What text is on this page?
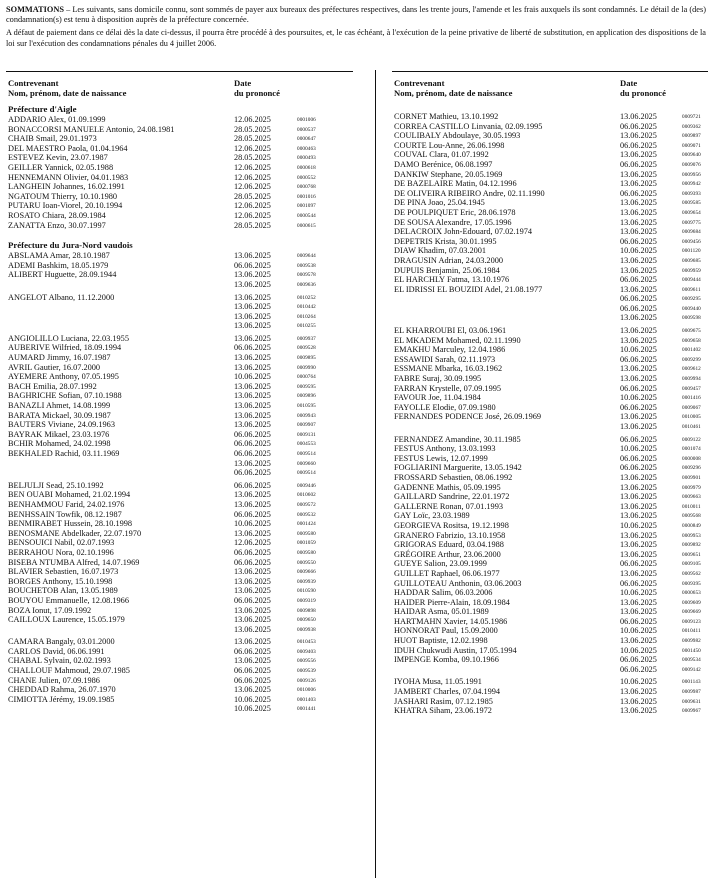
SOMMATIONS – Les suivants, sans domicile connu, sont sommés de payer aux bureaux des préfectures respectives, dans les trente jours, l'amende et les frais auxquels ils sont condamnés. Le détail de la (des) condamnation(s) est tenu à disposition auprès de la préfecture concernée.

A défaut de paiement dans ce délai dès la date ci-dessus, il pourra être procédé à des poursuites, et, le cas échéant, à l'exécution de la peine privative de liberté de substitution, en application des dispositions de la loi sur l'exécution des condamnations pénales du 4 juillet 2006.

Contrevenant
Nom, prénom, date de naissance
Date
du prononcé
Préfecture d'Aigle
ADDARIO Alex, 01.09.1999	12.06.2025	0001006
BONACCORSI MANUELE Antonio, 24.08.1981	28.05.2025	0000537
CHAIB Smail, 29.01.1973	28.05.2025	0000647
DEL MAESTRO Paola, 01.04.1964	12.06.2025	0000463
ESTEVEZ Kevin, 23.07.1987	28.05.2025	0000493
GEILLER Yannick, 02.05.1988	12.06.2025	0000618
HENNEMANN Olivier, 04.01.1983	12.06.2025	0000552
LANGHEIN Johannes, 16.02.1991	12.06.2025	0000768
NGATOUM Thierry, 10.10.1980	28.05.2025	0001016
PUTARU Ioan-Viorel, 20.10.1994	12.06.2025	0001097
ROSATO Chiara, 28.09.1984	12.06.2025	0000544
ZANATTA Enzo, 30.07.1997	28.05.2025	0000615
Préfecture du Jura-Nord vaudois
ABSLAMA Amar, 28.10.1987	13.06.2025	0009644
ADEMI Bashkim, 18.05.1979	06.06.2025	0009538
ALIBERT Huguette, 28.09.1944	13.06.2025	0009578
13.06.2025	0009636
ANGELOT Albano, 11.12.2000	13.06.2025	0010252
13.06.2025	0010442
13.06.2025	0010264
13.06.2025	0010255
ANGIOLILLO Luciana, 22.03.1955	13.06.2025	0009937
AUBERIVE Wilfried, 18.09.1994	06.06.2025	0009528
AUMARD Jimmy, 16.07.1987	13.06.2025	0009895
AVRIL Gautier, 16.07.2000	13.06.2025	0009990
AYEMERE Anthony, 07.05.1995	10.06.2025	0000764
BACH Emilia, 28.07.1992	13.06.2025	0009595
BAGHRICHE Sofian, 07.10.1988	13.06.2025	0009896
BANAZLI Ahmet, 14.08.1999	13.06.2025	0010595
BARATA Mickael, 30.09.1987	13.06.2025	0009943
BAUTERS Viviane, 24.09.1963	13.06.2025	0009907
BAYRAK Mikael, 23.03.1976	06.06.2025	0009131
BCHIR Mohamed, 24.02.1998	06.06.2025	0004553
BEKHALED Rachid, 03.11.1969	06.06.2025	0009514
13.06.2025	0009660
06.06.2025	0009514
BELJULJI Sead, 25.10.1992	06.06.2025	0009446
BEN OUABI Mohamed, 21.02.1994	13.06.2025	0010602
BENHAMMOU Farid, 24.02.1976	13.06.2025	0009572
BENHSSAIN Towfik, 08.12.1987	06.06.2025	0009532
BENMIRABET Hussein, 28.10.1998	10.06.2025	0001424
BENOSMANE Abdelkader, 22.07.1970	13.06.2025	0009580
BENSOUICI Nabil, 02.07.1993	12.06.2025	0001059
BERRAHOU Nora, 02.10.1996	06.06.2025	0009580
BISEBA NTUMBA Alfred, 14.07.1969	06.06.2025	0009550
BLAVIER Sebastien, 16.07.1973	13.06.2025	0009666
BORGES Anthony, 15.10.1998	13.06.2025	0009939
BOUCHETOB Alan, 13.05.1989	13.06.2025	0010590
BOUYOU Emmanuelle, 12.08.1966	06.06.2025	0009319
BOZA Ionut, 17.09.1992	13.06.2025	0009898
CAILLOUX Laurence, 15.05.1979	13.06.2025	0009650
13.06.2025	0009938
CAMARA Bangaly, 03.01.2000	13.06.2025	0010453
CARLOS David, 06.06.1991	06.06.2025	0009403
CHABAL Sylvain, 02.02.1993	13.06.2025	0009556
CHALLOUF Mahmoud, 29.07.1985	06.06.2025	0009539
CHANE Julien, 07.09.1986	06.06.2025	0009126
CHEDDAD Rahma, 26.07.1970	13.06.2025	0010006
CIMIOTTA Jérémy, 19.09.1985	10.06.2025	0001403
10.06.2025	0001441
Contrevenant
Nom, prénom, date de naissance
Date
du prononcé
CORNET Mathieu, 13.10.1992	13.06.2025	0009721
CORREA CASTILLO Linvania, 02.09.1995	06.06.2025	0009362
COULIBALY Abdoulaye, 30.05.1993	13.06.2025	0009897
COURTE Lou-Anne, 26.06.1998	06.06.2025	0009071
COUVAL Clara, 01.07.1992	13.06.2025	0009640
DAMO Berénice, 06.08.1997	06.06.2025	0009076
DANKIW Stephane, 20.05.1969	13.06.2025	0009956
DE BAZELAIRE Matin, 04.12.1996	13.06.2025	0009942
DE OLIVEIRA RIBEIRO Andre, 02.11.1990	06.06.2025	0009393
DE PINA Joao, 25.04.1945	13.06.2025	0009585
DE POULPIQUET Eric, 28.06.1978	13.06.2025	0009654
DE SOUSA Alexandre, 17.05.1996	13.06.2025	0009775
DELACROIX John-Edouard, 07.02.1974	13.06.2025	0009684
DEPETRIS Krista, 30.01.1995	06.06.2025	0009456
DIAW Khadim, 07.03.2001	10.06.2025	0001120
DRAGUSIN Adrian, 24.03.2000	13.06.2025	0009685
DUPUIS Benjamin, 25.06.1984	13.06.2025	0009959
EL HARCHLY Fatma, 13.10.1976	06.06.2025	0009444
EL IDRISSI EL BOUZIDI Adel, 21.08.1977	13.06.2025	0009611
06.06.2025	0009295
06.06.2025	0009440
13.06.2025	0009598
EL KHARROUBI El, 03.06.1961	13.06.2025	0009675
EL MKADEM Mohamed, 02.11.1990	13.06.2025	0009658
EMAKHU Marculey, 12.04.1986	10.06.2025	0001402
ESSAWIDI Sarah, 02.11.1973	06.06.2025	0009299
ESSMANE Mbarka, 16.03.1962	13.06.2025	0009612
FABRE Suraj, 30.09.1995	13.06.2025	0009994
FARRAN Krystelle, 07.09.1995	06.06.2025	0009457
FAVOUR Joe, 11.04.1984	10.06.2025	0001416
FAYOLLE Elodie, 07.09.1980	06.06.2025	0009067
FERNANDES PODENCE José, 26.09.1969	13.06.2025	0010005
13.06.2025	0010461
FERNANDEZ Amandine, 30.11.1985	06.06.2025	0009122
FESTUS Anthony, 13.03.1993	10.06.2025	0001074
FESTUS Lewis, 12.07.1999	06.06.2025	0000008
FOGLIARINI Marguerite, 13.05.1942	06.06.2025	0009296
FROSSARD Sebastien, 08.06.1992	13.06.2025	0009901
GADENNE Mathis, 05.09.1995	13.06.2025	0009979
GAILLARD Sandrine, 22.01.1972	13.06.2025	0009663
GALLERNE Ronan, 07.01.1993	13.06.2025	0010011
GAY Loïc, 23.03.1989	13.06.2025	0009568
GEORGIEVA Rositsa, 19.12.1998	10.06.2025	0000849
GRANERO Fabrizio, 13.10.1958	13.06.2025	0009953
GRIGORAS Eduard, 03.04.1988	13.06.2025	0009892
GRÉGOIRE Arthur, 23.06.2000	13.06.2025	0009651
GUEYE Salion, 23.09.1999	06.06.2025	0009105
GUILLET Raphael, 06.06.1977	13.06.2025	0009562
GUILLOTEAU Anthonin, 03.06.2003	06.06.2025	0009395
HADDAR Salim, 06.03.2006	10.06.2025	0000653
HAIDER Pierre-Alain, 18.09.1984	13.06.2025	0009609
HAIDAR Asma, 05.01.1989	13.06.2025	0009669
HARTMAHN Xavier, 14.05.1986	06.06.2025	0009123
HONNORAT Paul, 15.09.2000	10.06.2025	0010411
HUOT Baptiste, 12.02.1998	13.06.2025	0009982
IDUH Chukwudi Austin, 17.05.1994	10.06.2025	0001450
IMPENGE Komba, 09.10.1966	06.06.2025	0009534
06.06.2025	0009142
IYOHA Musa, 11.05.1991	10.06.2025	0001143
JAMBERT Charles, 07.04.1994	13.06.2025	0009987
JASHARI Rasim, 07.12.1985	13.06.2025	0009631
KHATRA Siham, 23.06.1972	13.06.2025	0009967
